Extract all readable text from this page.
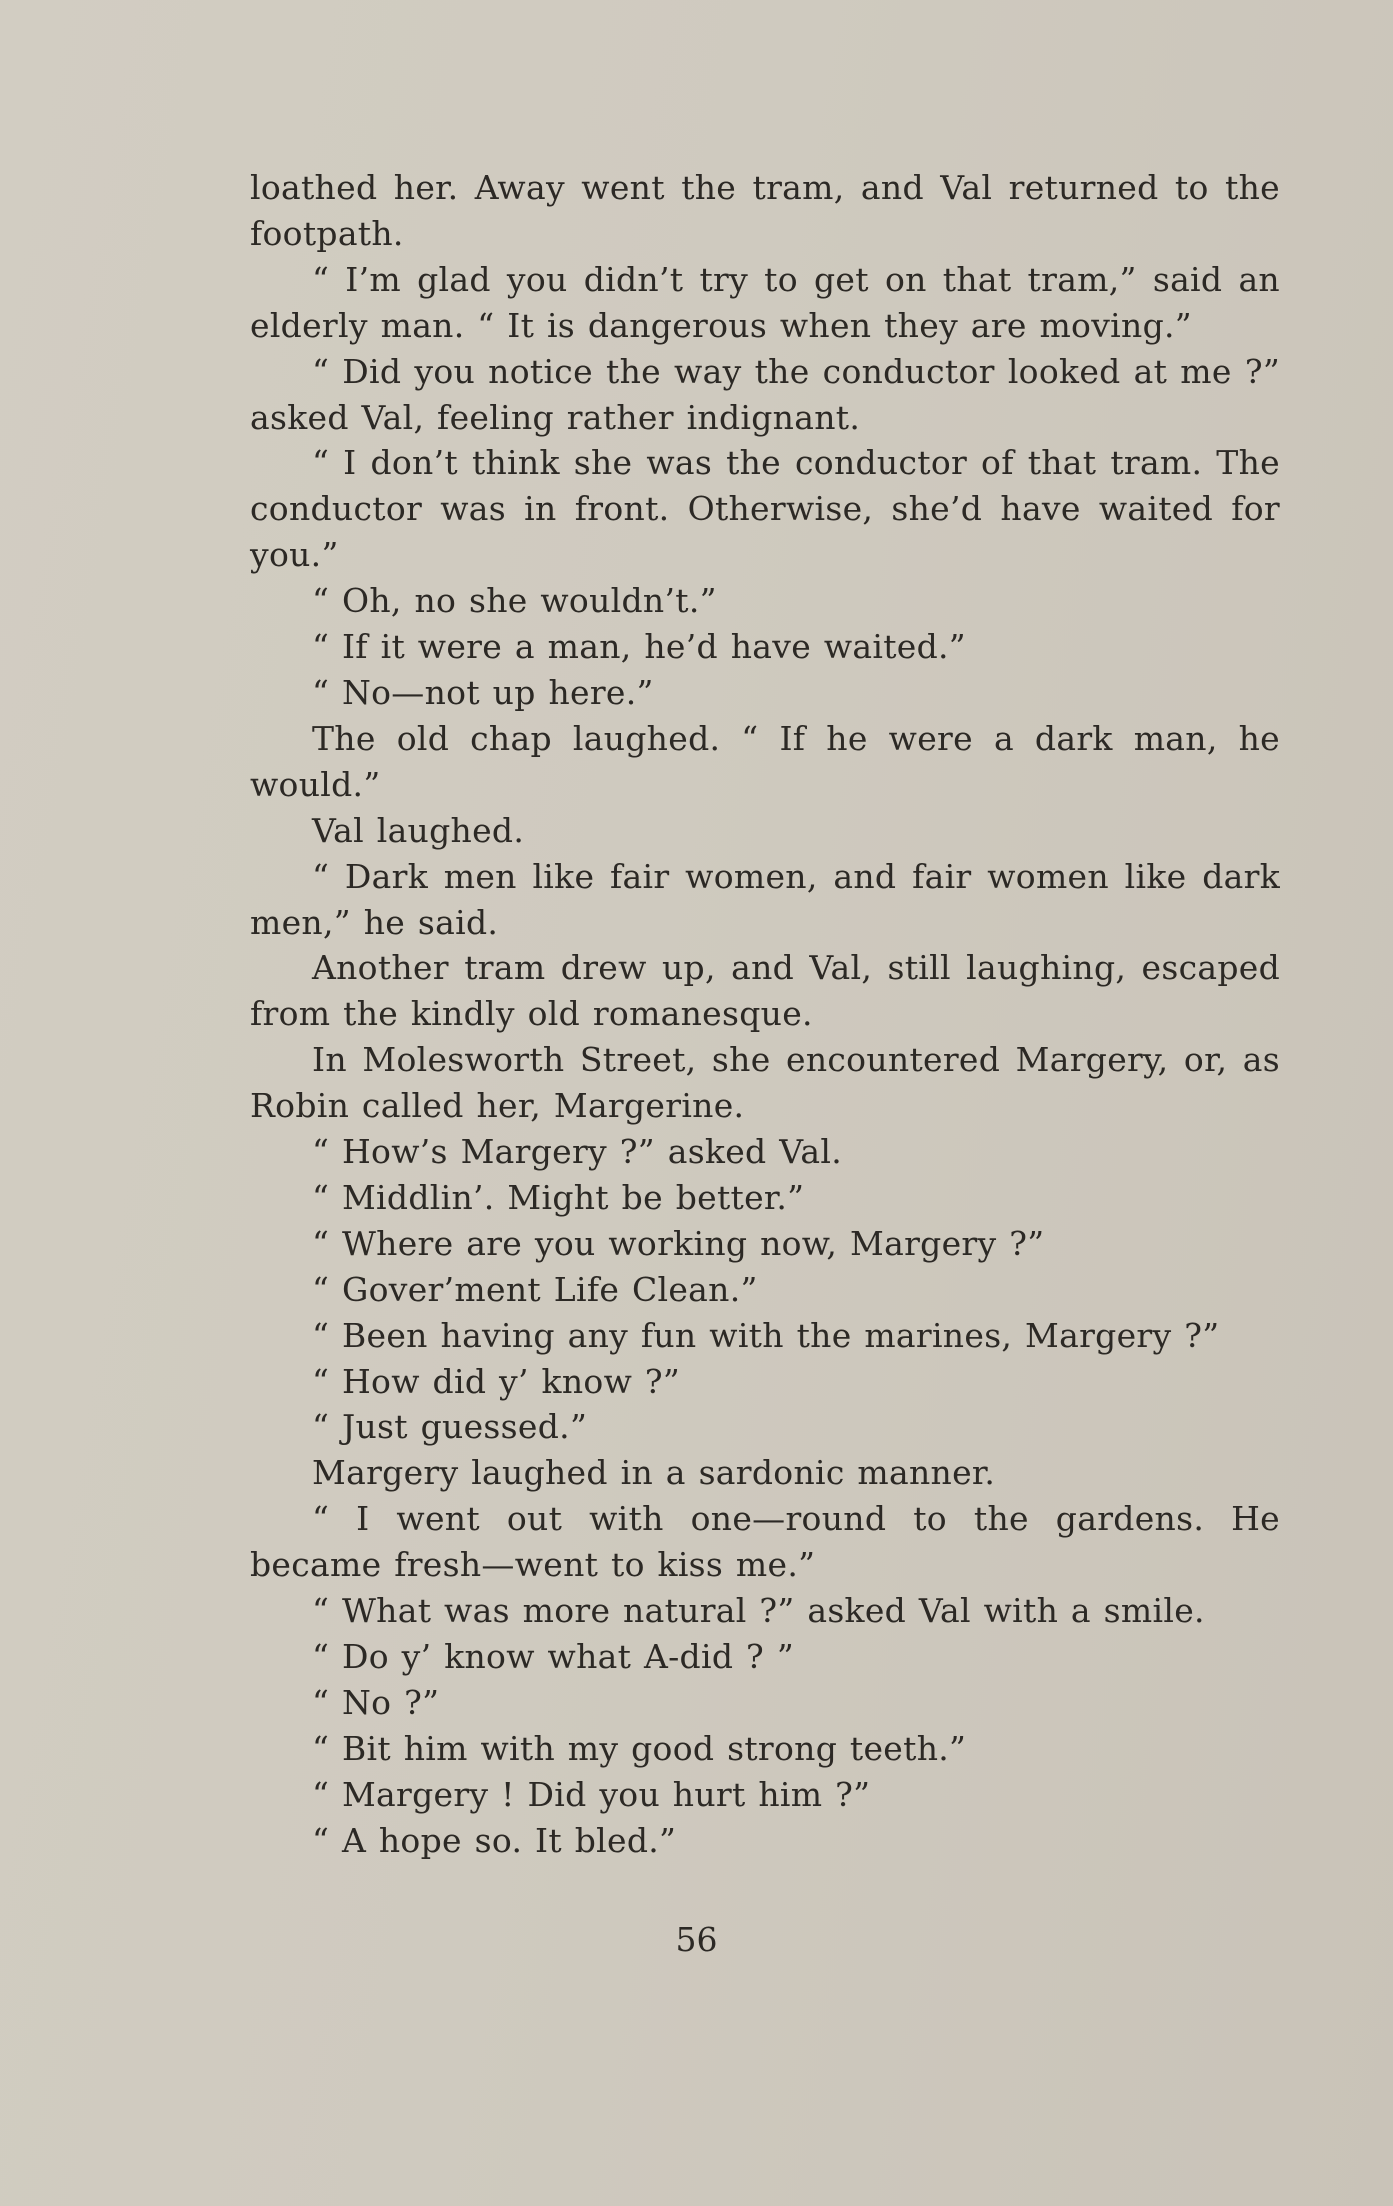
loathed her. Away went the tram, and Val returned to the footpath.

“ I’m glad you didn’t try to get on that tram,” said an elderly man. “ It is dangerous when they are moving.”

“ Did you notice the way the conductor looked at me ?” asked Val, feeling rather indignant.

“ I don’t think she was the conductor of that tram. The conductor was in front. Otherwise, she’d have waited for you.”

“ Oh, no she wouldn’t.”

“ If it were a man, he’d have waited.”

“ No—not up here.”

The old chap laughed. “ If he were a dark man, he would.”

Val laughed.

“ Dark men like fair women, and fair women like dark men,” he said.

Another tram drew up, and Val, still laughing, escaped from the kindly old romanesque.

In Molesworth Street, she encountered Margery, or, as Robin called her, Margerine.

“ How’s Margery ?” asked Val.

“ Middlin’. Might be better.”

“ Where are you working now, Margery ?”

“ Gover’ment Life Clean.”

“ Been having any fun with the marines, Margery ?”

“ How did y’ know ?”

“ Just guessed.”

Margery laughed in a sardonic manner.

“ I went out with one—round to the gardens. He became fresh—went to kiss me.”

“ What was more natural ?” asked Val with a smile.

“ Do y’ know what A-did ? ”

“ No ?”

“ Bit him with my good strong teeth.”

“ Margery ! Did you hurt him ?”

“ A hope so. It bled.”

56
